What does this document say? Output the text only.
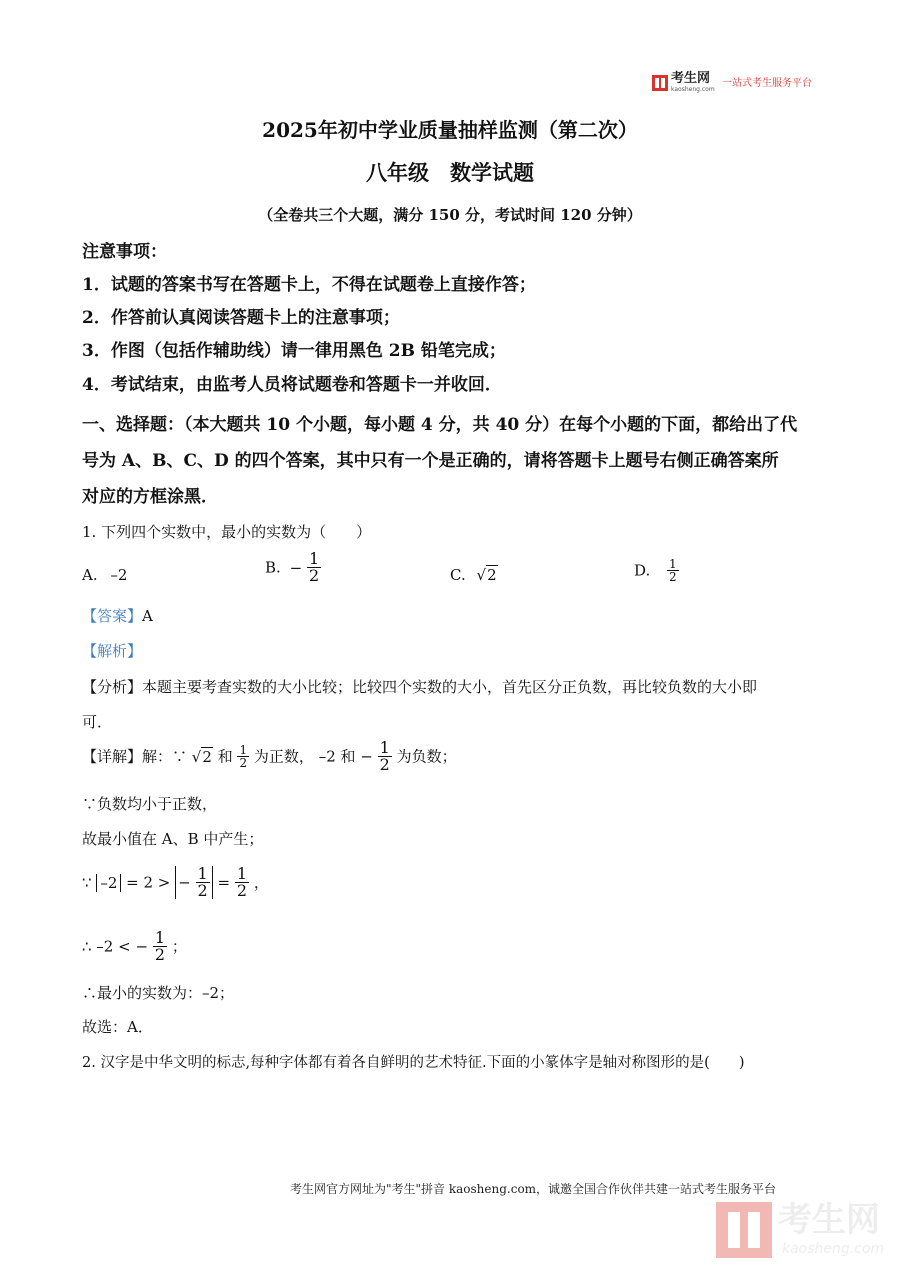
考生网
kaosheng.com
一站式考生服务平台
2025年初中学业质量抽样监测（第二次）
八年级　数学试题
（全卷共三个大题，满分 150 分，考试时间 120 分钟）
注意事项：
1．试题的答案书写在答题卡上，不得在试题卷上直接作答；
2．作答前认真阅读答题卡上的注意事项；
3．作图（包括作辅助线）请一律用黑色 2B 铅笔完成；
4．考试结束，由监考人员将试题卷和答题卡一并收回．
一、选择题：（本大题共 10 个小题，每小题 4 分，共 40 分）在每个小题的下面，都给出了代
号为 A、B、C、D 的四个答案，其中只有一个是正确的，请将答题卡上题号右侧正确答案所
对应的方框涂黑．
1. 下列四个实数中，最小的实数为（　　）
A. –2	B. − $\frac{1}{2}$	C. √2	D. $\frac{1}{2}$
【答案】A
【解析】
【分析】本题主要考查实数的大小比较；比较四个实数的大小，首先区分正负数，再比较负数的大小即
可．
【详解】解：∵ √2 和 $\frac{1}{2}$ 为正数， –2 和 − $\frac{1}{2}$ 为负数；
∵负数均小于正数，
故最小值在 A、B 中产生；
∵ –2 = 2 > − $\frac{1}{2} = \frac{1}{2}$ ，
∴ –2 < − $\frac{1}{2}$ ；
∴最小的实数为：–2；
故选：A．
2. 汉字是中华文明的标志,每种字体都有着各自鲜明的艺术特征.下面的小篆体字是轴对称图形的是(　　)
考生网官方网址为"考生"拼音 kaosheng.com，诚邀全国合作伙伴共建一站式考生服务平台
考生网
kaosheng.com
